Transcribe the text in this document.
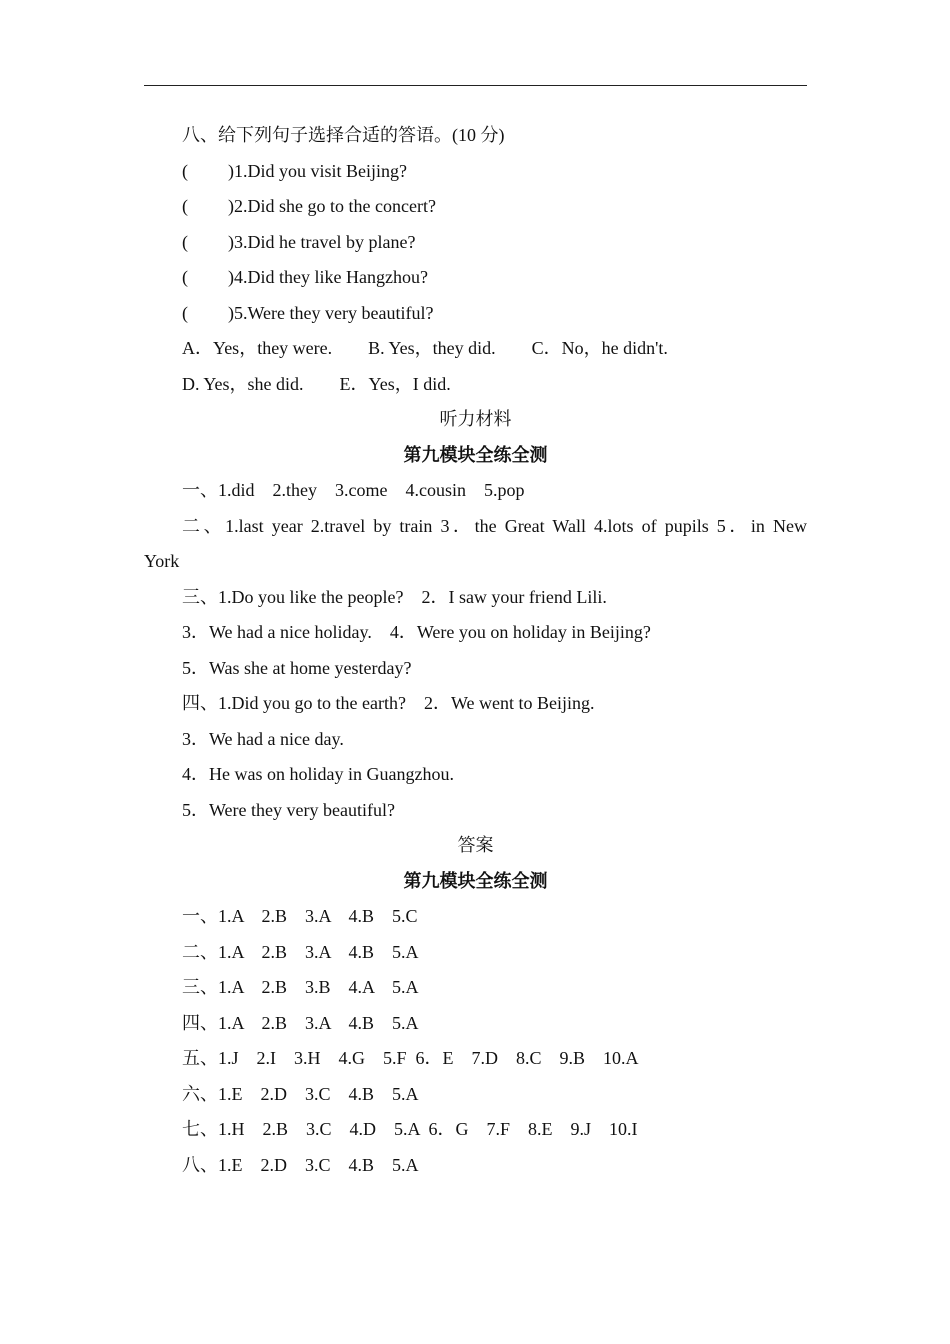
八、给下列句子选择合适的答语。(10 分)
( )1.Did you visit Beijing?
( )2.Did she go to the concert?
( )3.Did he travel by plane?
( )4.Did they like Hangzhou?
( )5.Were they very beautiful?
A．Yes，they were.        B. Yes，they did.        C．No，he didn't.
D. Yes，she did.        E．Yes，I did.
听力材料
第九模块全练全测
一、1.did    2.they    3.come    4.cousin    5.pop
二、1.last year 2.travel by train 3．the Great Wall 4.lots of pupils 5．in New
York
三、1.Do you like the people?    2．I saw your friend Lili.
3．We had a nice holiday.    4．Were you on holiday in Beijing?
5．Was she at home yesterday?
四、1.Did you go to the earth?    2．We went to Beijing.
3．We had a nice day.
4．He was on holiday in Guangzhou.
5．Were they very beautiful?
答案
第九模块全练全测
一、1.A    2.B    3.A    4.B    5.C
二、1.A    2.B    3.A    4.B    5.A
三、1.A    2.B    3.B    4.A    5.A
四、1.A    2.B    3.A    4.B    5.A
五、1.J    2.I    3.H    4.G    5.F  6．E    7.D    8.C    9.B    10.A
六、1.E    2.D    3.C    4.B    5.A
七、1.H    2.B    3.C    4.D    5.A  6．G    7.F    8.E    9.J    10.I
八、1.E    2.D    3.C    4.B    5.A
